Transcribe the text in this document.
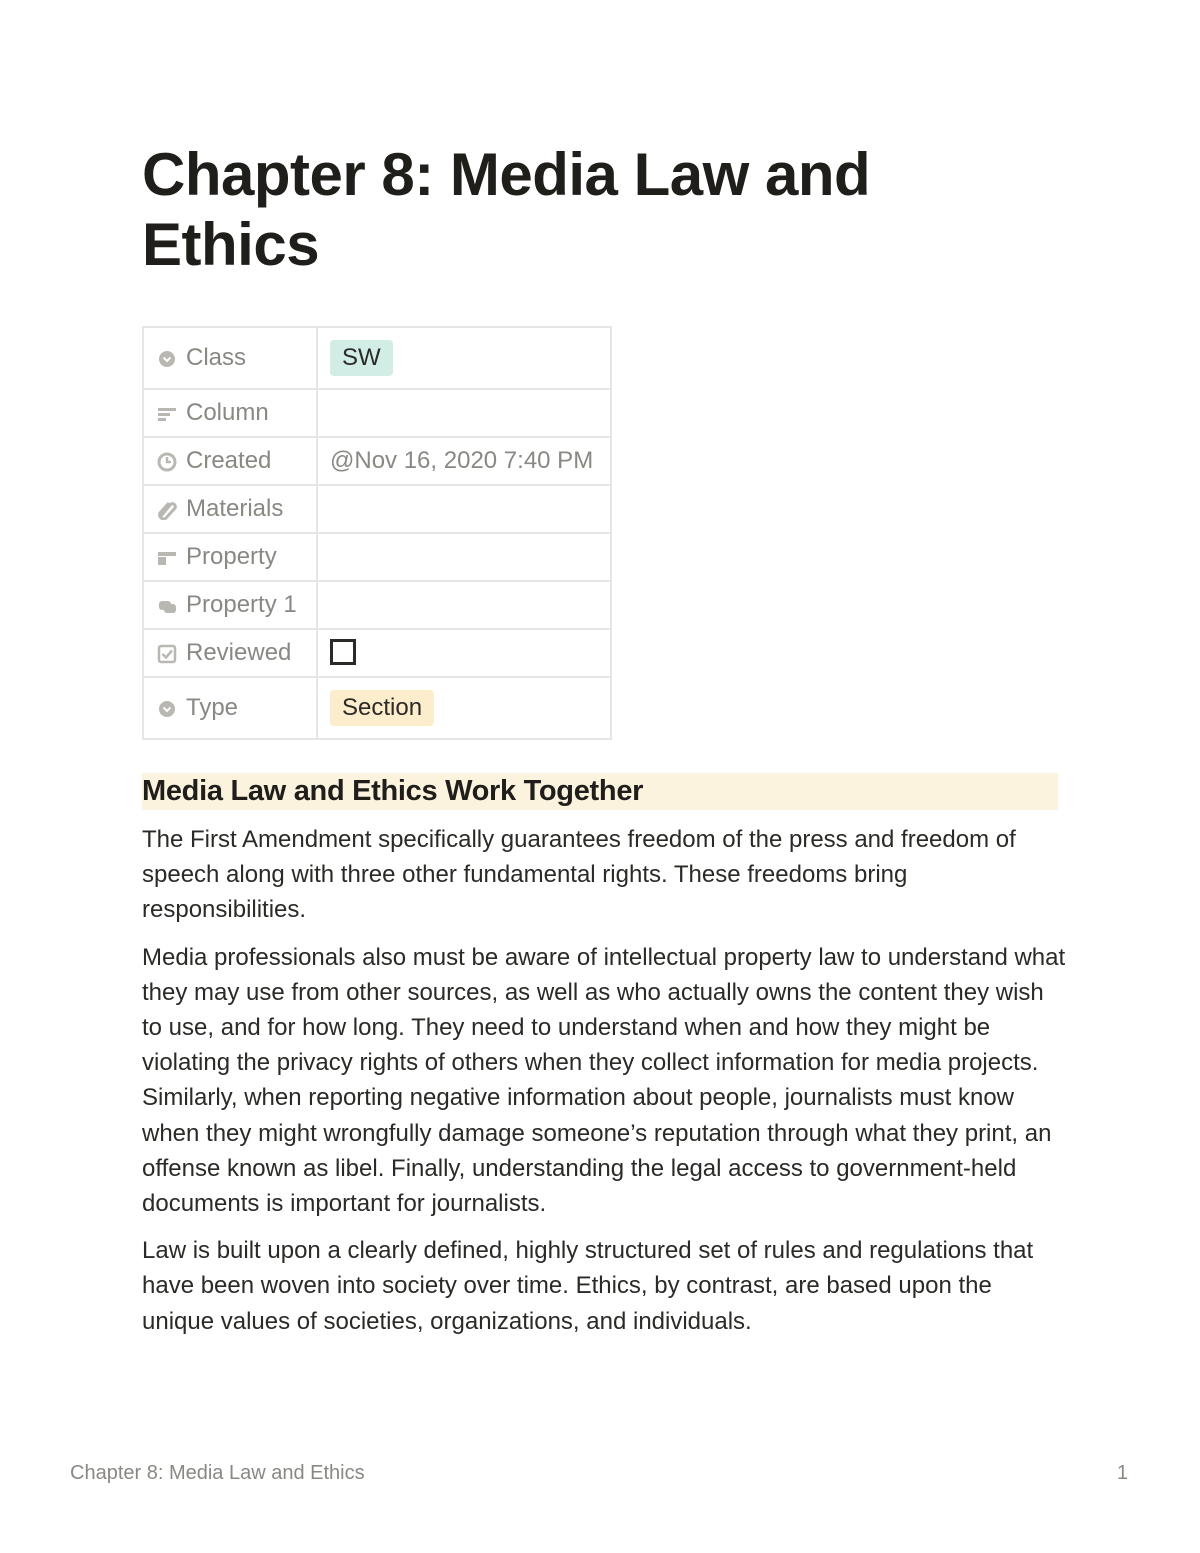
Chapter 8: Media Law and Ethics
Class	SW

Column	

Created	@Nov 16, 2020 7:40 PM

Materials	

Property	

Property 1	

Reviewed	

Type	Section
Media Law and Ethics Work Together

The First Amendment specifically guarantees freedom of the press and freedom of speech along with three other fundamental rights. These freedoms bring responsibilities.

Media professionals also must be aware of intellectual property law to understand what they may use from other sources, as well as who actually owns the content they wish to use, and for how long. They need to understand when and how they might be violating the privacy rights of others when they collect information for media projects.
Similarly, when reporting negative information about people, journalists must know when they might wrongfully damage someone’s reputation through what they print, an offense known as libel. Finally, understanding the legal access to government-held documents is important for journalists.

Law is built upon a clearly defined, highly structured set of rules and regulations that have been woven into society over time. Ethics, by contrast, are based upon the unique values of societies, organizations, and individuals.

Chapter 8: Media Law and Ethics	1
